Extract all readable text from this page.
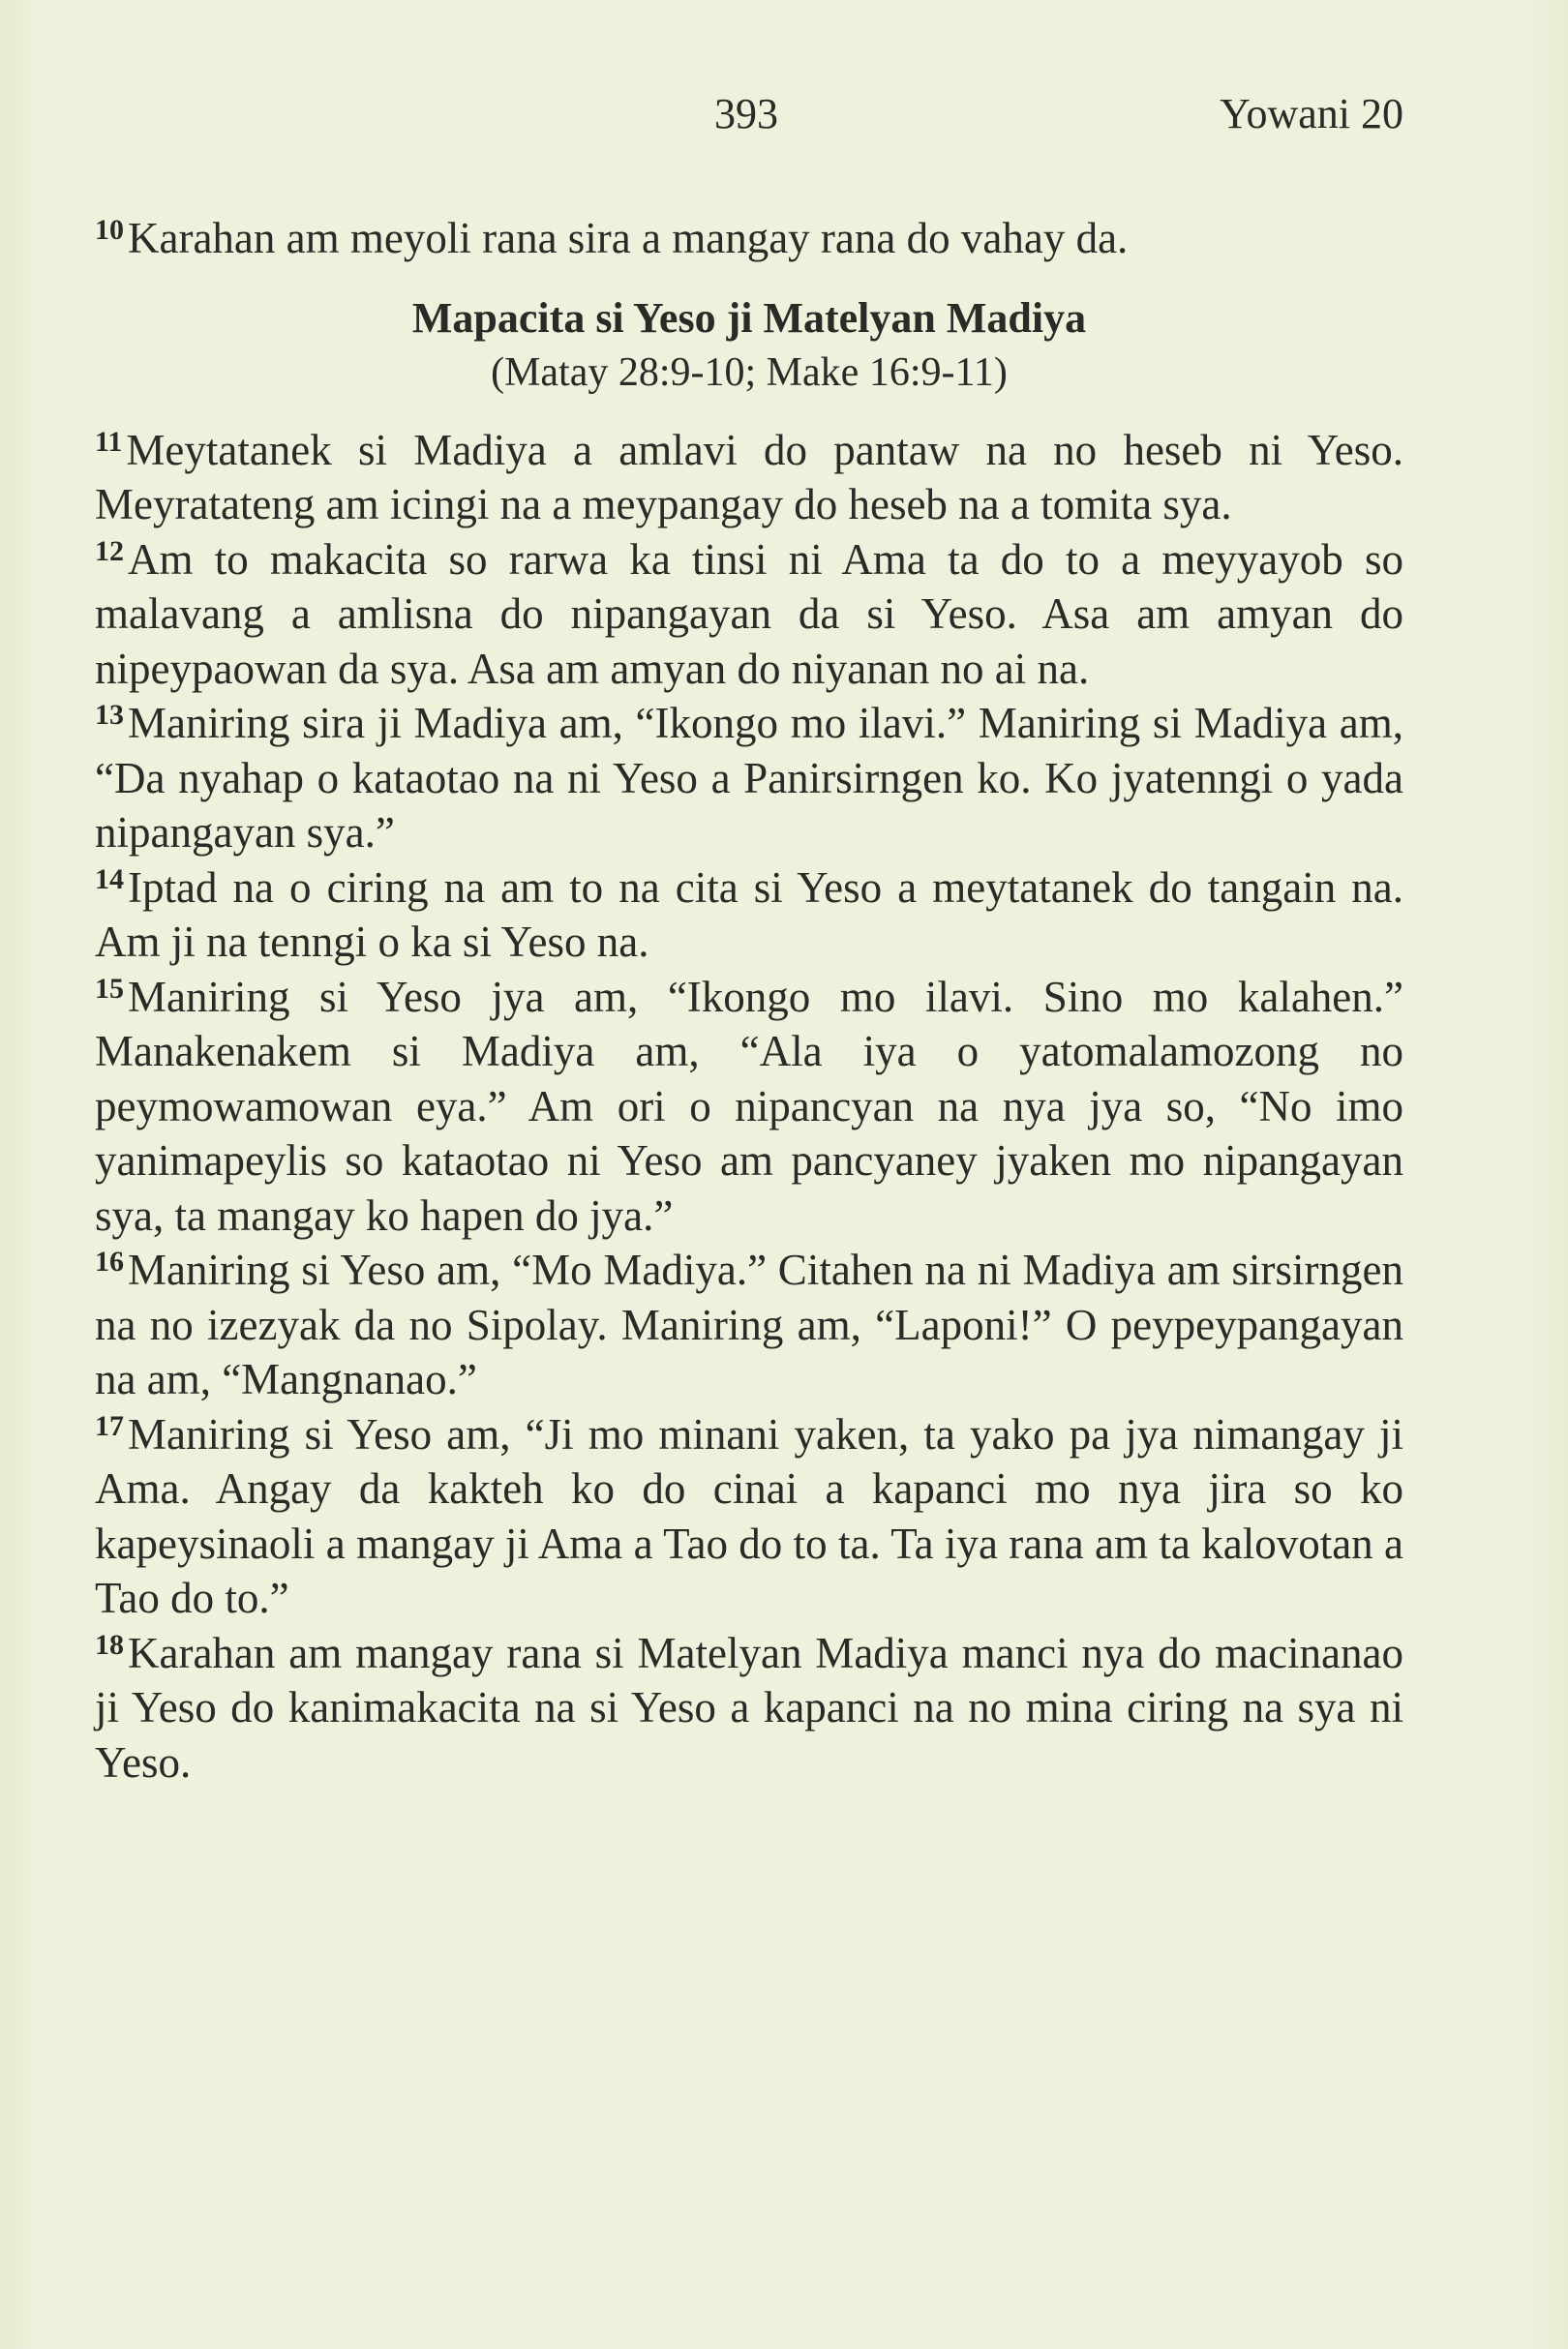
393	Yowani 20

$^{10}$Karahan am meyoli rana sira a mangay rana do vahay da.

Mapacita si Yeso ji Matelyan Madiya
(Matay 28:9-10; Make 16:9-11)

$^{11}$Meytatanek si Madiya a amlavi do pantaw na no heseb ni Yeso. Meyratateng am icingi na a meypangay do heseb na a tomita sya.

$^{12}$Am to makacita so rarwa ka tinsi ni Ama ta do to a meyyayob so malavang a amlisna do nipangayan da si Yeso. Asa am amyan do nipeypaowan da sya. Asa am amyan do niyanan no ai na.

$^{13}$Maniring sira ji Madiya am, “Ikongo mo ilavi.” Maniring si Madiya am, “Da nyahap o kataotao na ni Yeso a Panirsirngen ko. Ko jyatenngi o yada nipangayan sya.”

$^{14}$Iptad na o ciring na am to na cita si Yeso a meytatanek do tangain na. Am ji na tenngi o ka si Yeso na.

$^{15}$Maniring si Yeso jya am, “Ikongo mo ilavi. Sino mo kalahen.” Manakenakem si Madiya am, “Ala iya o yatomalamozong no peymowamowan eya.” Am ori o nipancyan na nya jya so, “No imo yanimapeylis so kataotao ni Yeso am pancyaney jyaken mo nipangayan sya, ta mangay ko hapen do jya.”

$^{16}$Maniring si Yeso am, “Mo Madiya.” Citahen na ni Madiya am sirsirngen na no izezyak da no Sipolay. Maniring am, “Laponi!” O peypeypangayan na am, “Mangnanao.”

$^{17}$Maniring si Yeso am, “Ji mo minani yaken, ta yako pa jya nimangay ji Ama. Angay da kakteh ko do cinai a kapanci mo nya jira so ko kapeysinaoli a mangay ji Ama a Tao do to ta. Ta iya rana am ta kalovotan a Tao do to.”

$^{18}$Karahan am mangay rana si Matelyan Madiya manci nya do macinanao ji Yeso do kanimakacita na si Yeso a kapanci na no mina ciring na sya ni Yeso.
